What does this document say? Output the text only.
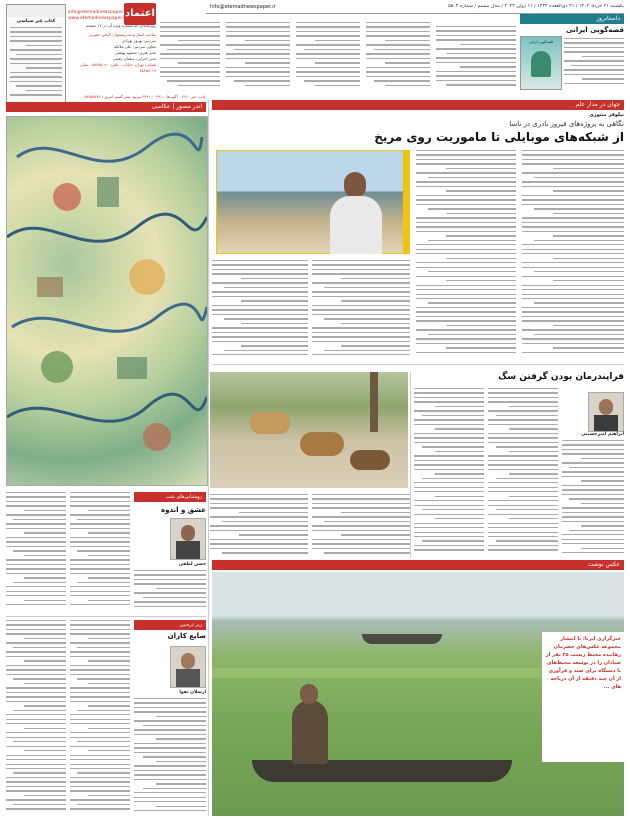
یکشنبه ۲۱ خرداد ۱۴۰۲ / ۲۱ ذی‌القعده ۱۴۴۴ / ۱۱ ژوئن ۲۰۲۳ / سال بیستم / شماره ۵۵۰۴
Info@etemadnewspaper.ir
کتاب غیر سیاسی
اعتماد
info@etemadnewspaper.ir
www.etemadnewspaper.ir
روزنامه‌ای که شماره ویژه آن در ۱۲ صفحه
صاحب امتیاز و مدیرمسئول: الیاس حضرتی
سردبیر: بهروز بهزادی
معاون سردبیر: علی ملائکه
مدیر هنری: محمود بهشتی
مدیر اجرایی: سلمان رفیعی
نشانی: تهران، خیابان... تلفن: ۸۸۴۵۵۰۸۰ - نمابر: ۸۸۴۵۷۰۱۹
داستانروز
قصه‌گویی ایرانی
قصه‌گویی ایرانی
چاپ: خبر ۲۹۱۰ - آگهی‌ها: ۰۴۹۱۰ / ۴۷۹۱ توزیع: نشر گستر امروز / ۸۸۴۵۵۲۸۲
اندر مصور | عکاسی	جهان در مدار علم
نیلوفر منتوری
نگاهی به پروژه‌های فیروز نادری در ناسا
از شبکه‌های موبایلی تا ماموریت روی مریخ
فراپندرمان بودن گرفتن سگ
ابراهیم امیرحسینی
روشنایی‌های شب
عشق و اندوه
حسن لطفی
زیر ذره‌بین
ضایع کاران
ارسلان تقوا
عکس نوشت
خبرگزاری ایرنا: با انتشار مجموعه عکس‌های حضرمان رهانیده محیط زیست ۳۵ نفر از صیادان را در توسعه محیط‌های با دستگاه برای صید و فرآوری از آن چند دقیقه از آن دریاچه های ...
